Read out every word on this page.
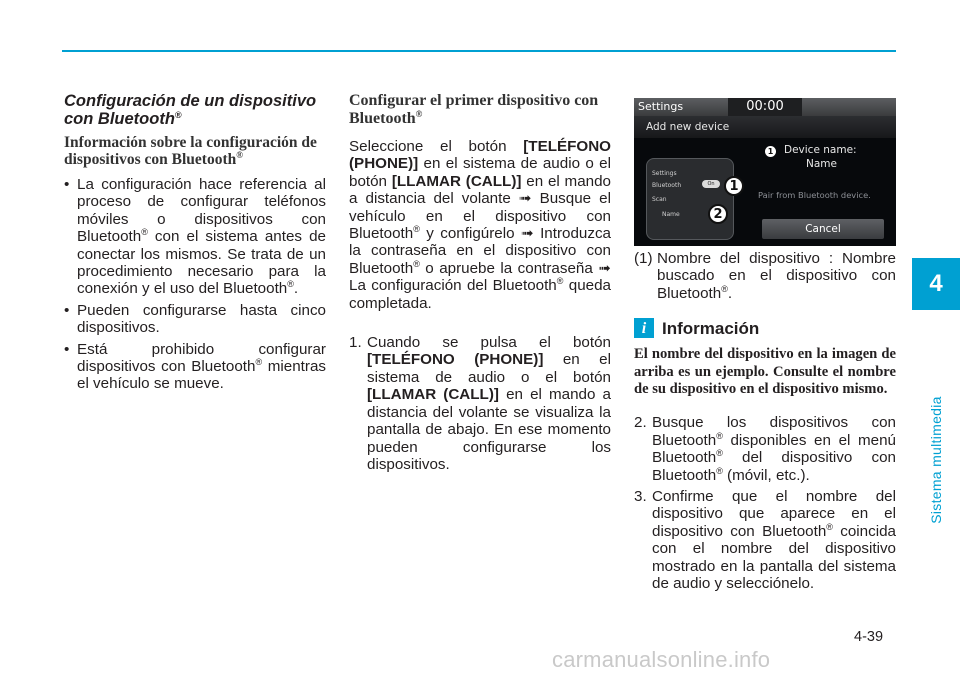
4
Sistema multimedia

Configuración de un dispositivo con Bluetooth®

Información sobre la configuración de dispositivos con Bluetooth®

• La configuración hace referencia al proceso de configurar teléfonos móviles o dispositivos con Bluetooth® con el sistema antes de conectar los mismos. Se trata de un procedimiento necesario para la conexión y el uso del Bluetooth®.
• Pueden configurarse hasta cinco dispositivos.
• Está prohibido configurar dispositivos con Bluetooth® mientras el vehículo se mueve.

Configurar el primer dispositivo con Bluetooth®

Seleccione el botón [TELÉFONO (PHONE)] en el sistema de audio o el botón [LLAMAR (CALL)] en el mando a distancia del volante ➟ Busque el vehículo en el dispositivo con Bluetooth® y configúrelo ➟ Introduzca la contraseña en el dispositivo con Bluetooth® o apruebe la contraseña ➟ La configuración del Bluetooth® queda completada.

1. Cuando se pulsa el botón [TELÉFONO (PHONE)] en el sistema de audio o el botón [LLAMAR (CALL)] en el mando a distancia del volante se visualiza la pantalla de abajo. En ese momento pueden configurarse los dispositivos.
Settings	00:00
Add new device
Settings
Bluetooth
Scan
Name
On	1
2
1 Device name:
Name
Pair from Bluetooth device.
Cancel
(1) Nombre del dispositivo : Nombre buscado en el dispositivo con Bluetooth®.
i Información

El nombre del dispositivo en la imagen de arriba es un ejemplo. Consulte el nombre de su dispositivo en el dispositivo mismo.

2. Busque los dispositivos con Bluetooth® disponibles en el menú Bluetooth® del dispositivo con Bluetooth® (móvil, etc.).
3. Confirme que el nombre del dispositivo que aparece en el dispositivo con Bluetooth® coincida con el nombre del dispositivo mostrado en la pantalla del sistema de audio y selecciónelo.
4-39
carmanualsonline.info
